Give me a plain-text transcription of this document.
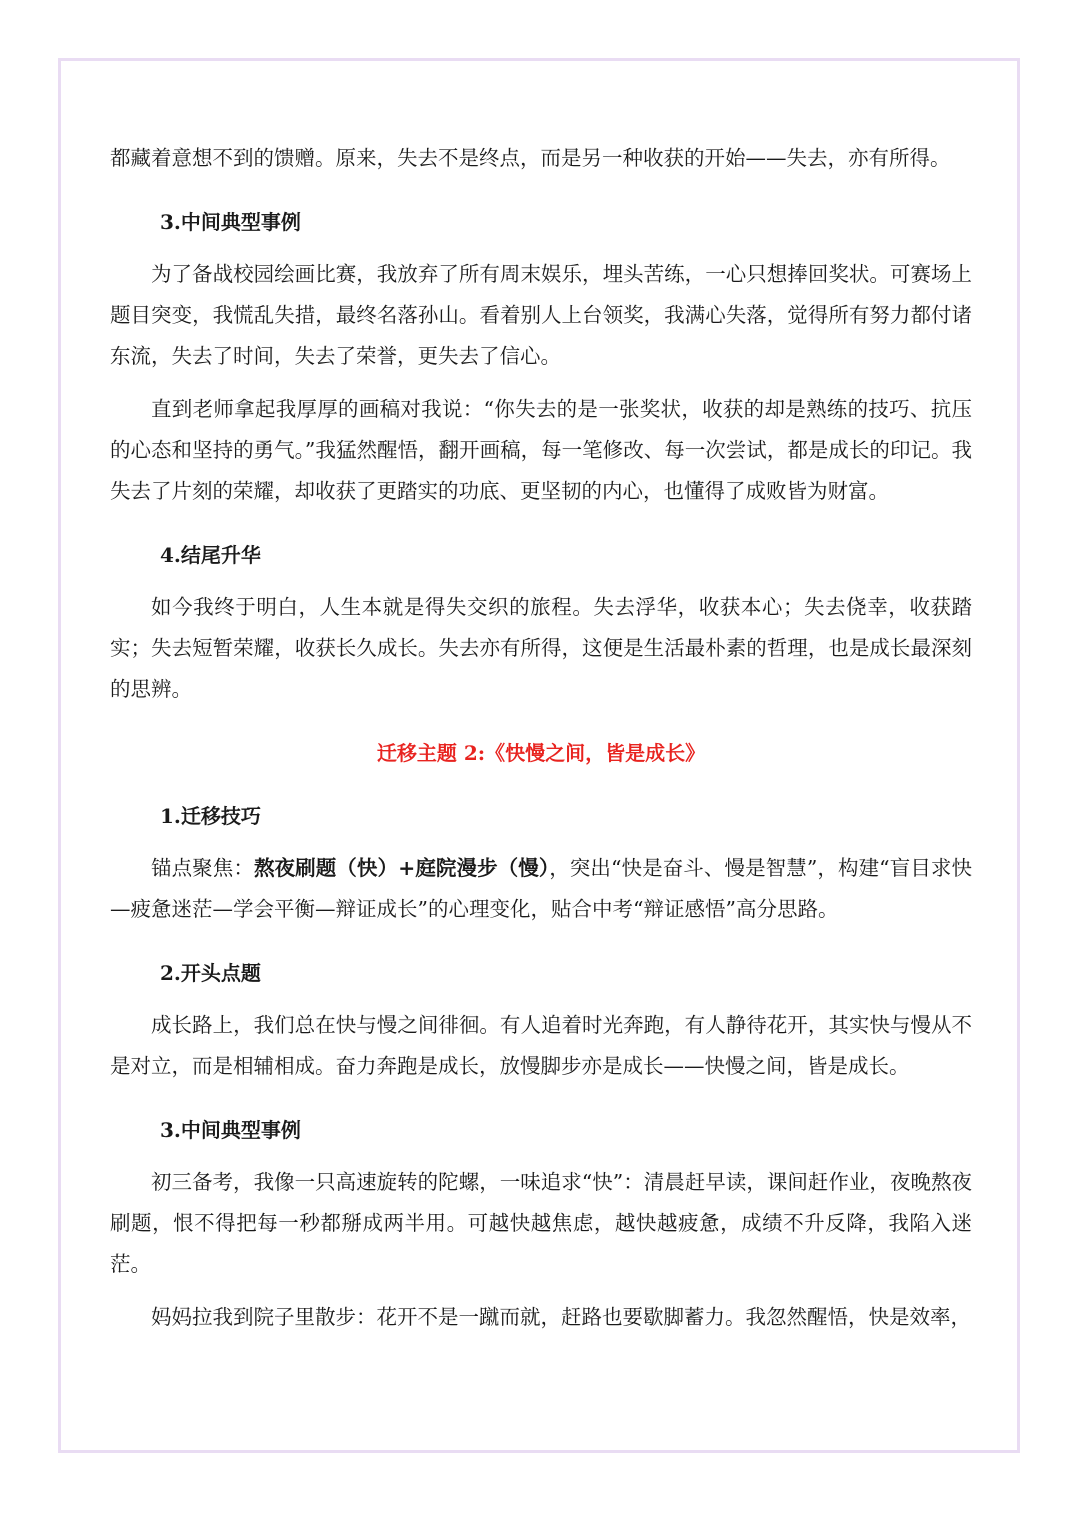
都藏着意想不到的馈赠。原来，失去不是终点，而是另一种收获的开始——失去，亦有所得。

3.中间典型事例

为了备战校园绘画比赛，我放弃了所有周末娱乐，埋头苦练，一心只想捧回奖状。可赛场上题目突变，我慌乱失措，最终名落孙山。看着别人上台领奖，我满心失落，觉得所有努力都付诸东流，失去了时间，失去了荣誉，更失去了信心。

直到老师拿起我厚厚的画稿对我说：“你失去的是一张奖状，收获的却是熟练的技巧、抗压的心态和坚持的勇气。”我猛然醒悟，翻开画稿，每一笔修改、每一次尝试，都是成长的印记。我失去了片刻的荣耀，却收获了更踏实的功底、更坚韧的内心，也懂得了成败皆为财富。

4.结尾升华

如今我终于明白，人生本就是得失交织的旅程。失去浮华，收获本心；失去侥幸，收获踏实；失去短暂荣耀，收获长久成长。失去亦有所得，这便是生活最朴素的哲理，也是成长最深刻的思辨。

迁移主题 2:《快慢之间，皆是成长》
1.迁移技巧

锚点聚焦：熬夜刷题（快）+庭院漫步（慢），突出“快是奋斗、慢是智慧”，构建“盲目求快—疲惫迷茫—学会平衡—辩证成长”的心理变化，贴合中考“辩证感悟”高分思路。

2.开头点题

成长路上，我们总在快与慢之间徘徊。有人追着时光奔跑，有人静待花开，其实快与慢从不是对立，而是相辅相成。奋力奔跑是成长，放慢脚步亦是成长——快慢之间，皆是成长。

3.中间典型事例

初三备考，我像一只高速旋转的陀螺，一味追求“快”：清晨赶早读，课间赶作业，夜晚熬夜刷题，恨不得把每一秒都掰成两半用。可越快越焦虑，越快越疲惫，成绩不升反降，我陷入迷茫。

妈妈拉我到院子里散步：花开不是一蹴而就，赶路也要歇脚蓄力。我忽然醒悟，快是效率，
